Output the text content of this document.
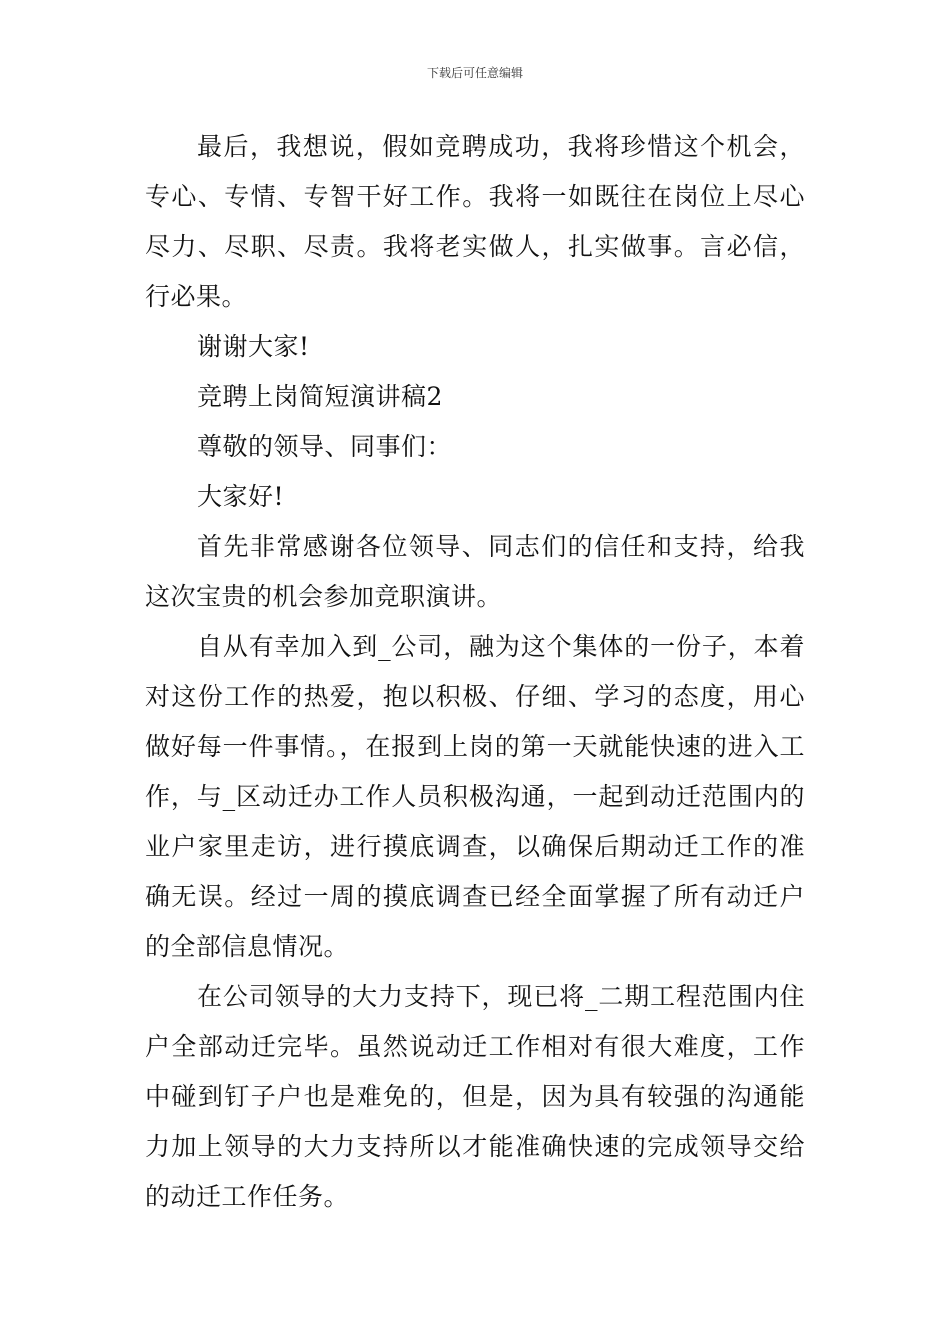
下载后可任意编辑

最后，我想说，假如竞聘成功，我将珍惜这个机会，专心、专情、专智干好工作。我将一如既往在岗位上尽心尽力、尽职、尽责。我将老实做人，扎实做事。言必信，行必果。

谢谢大家!

竞聘上岗简短演讲稿2

尊敬的领导、同事们：

大家好!

首先非常感谢各位领导、同志们的信任和支持，给我这次宝贵的机会参加竞职演讲。

自从有幸加入到_公司，融为这个集体的一份子，本着对这份工作的热爱，抱以积极、仔细、学习的态度，用心做好每一件事情。，在报到上岗的第一天就能快速的进入工作，与_区动迁办工作人员积极沟通，一起到动迁范围内的业户家里走访，进行摸底调查，以确保后期动迁工作的准确无误。经过一周的摸底调查已经全面掌握了所有动迁户的全部信息情况。

在公司领导的大力支持下，现已将_二期工程范围内住户全部动迁完毕。虽然说动迁工作相对有很大难度，工作中碰到钉子户也是难免的，但是，因为具有较强的沟通能力加上领导的大力支持所以才能准确快速的完成领导交给的动迁工作任务。
